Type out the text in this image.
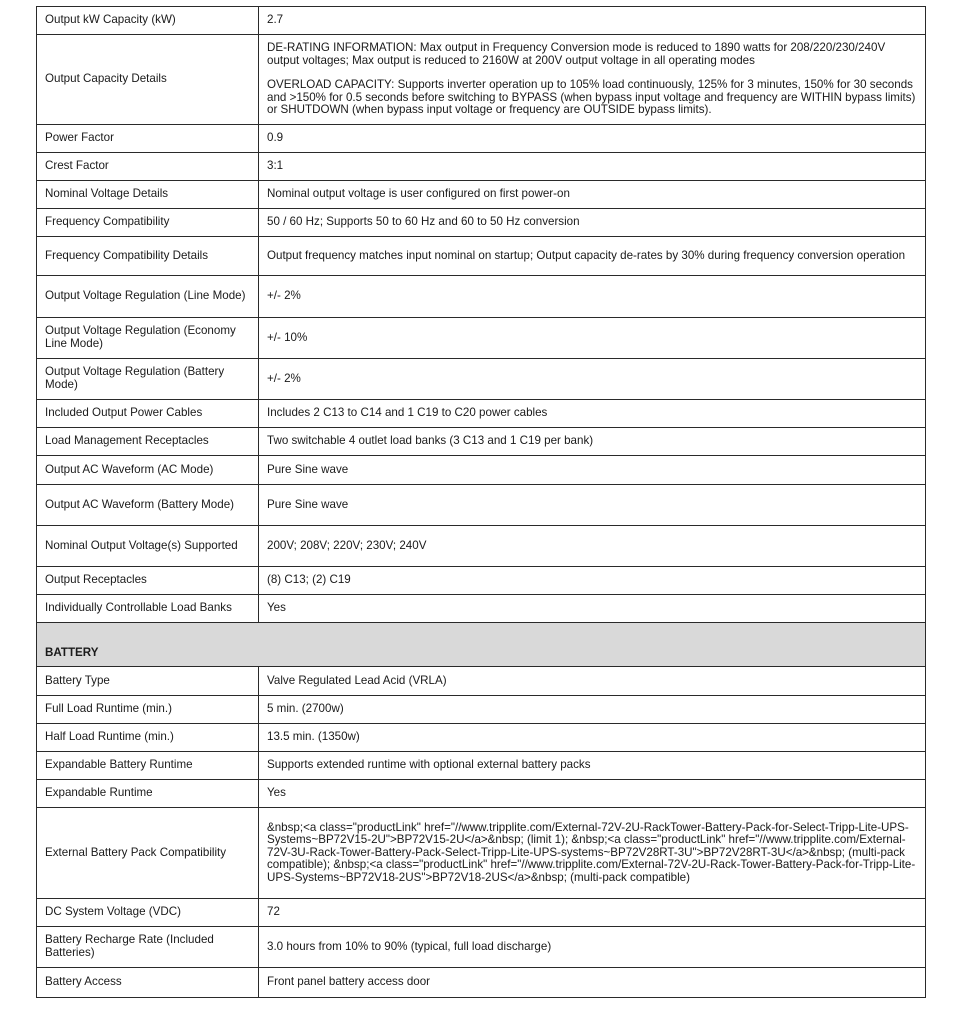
Output kW Capacity (kW)	2.7
Output Capacity Details	DE-RATING INFORMATION: Max output in Frequency Conversion mode is reduced to 1890 watts for 208/220/230/240V output voltages; Max output is reduced to 2160W at 200V output voltage in all operating modes

OVERLOAD CAPACITY: Supports inverter operation up to 105% load continuously, 125% for 3 minutes, 150% for 30 seconds and >150% for 0.5 seconds before switching to BYPASS (when bypass input voltage and frequency are WITHIN bypass limits) or SHUTDOWN (when bypass input voltage or frequency are OUTSIDE bypass limits).

Power Factor	0.9
Crest Factor	3:1
Nominal Voltage Details	Nominal output voltage is user configured on first power-on
Frequency Compatibility	50 / 60 Hz; Supports 50 to 60 Hz and 60 to 50 Hz conversion
Frequency Compatibility Details	Output frequency matches input nominal on startup; Output capacity de-rates by 30% during frequency conversion operation
Output Voltage Regulation (Line Mode)	+/- 2%
Output Voltage Regulation (Economy Line Mode)	+/- 10%
Output Voltage Regulation (Battery Mode)	+/- 2%
Included Output Power Cables	Includes 2 C13 to C14 and 1 C19 to C20 power cables
Load Management Receptacles	Two switchable 4 outlet load banks (3 C13 and 1 C19 per bank)
Output AC Waveform (AC Mode)	Pure Sine wave
Output AC Waveform (Battery Mode)	Pure Sine wave
Nominal Output Voltage(s) Supported	200V; 208V; 220V; 230V; 240V
Output Receptacles	(8) C13; (2) C19
Individually Controllable Load Banks	Yes
BATTERY	
Battery Type	Valve Regulated Lead Acid (VRLA)
Full Load Runtime (min.)	5 min. (2700w)
Half Load Runtime (min.)	13.5 min. (1350w)
Expandable Battery Runtime	Supports extended runtime with optional external battery packs
Expandable Runtime	Yes
External Battery Pack Compatibility	&nbsp;<a class="productLink" href="//www.tripplite.com/External-72V-2U-RackTower-Battery-Pack-for-Select-Tripp-Lite-UPS-Systems~BP72V15-2U">BP72V15-2U</a>&nbsp; (limit 1); &nbsp;<a class="productLink" href="//www.tripplite.com/External-72V-3U-Rack-Tower-Battery-Pack-Select-Tripp-Lite-UPS-systems~BP72V28RT-3U">BP72V28RT-3U</a>&nbsp; (multi-pack compatible); &nbsp;<a class="productLink" href="//www.tripplite.com/External-72V-2U-Rack-Tower-Battery-Pack-for-Tripp-Lite-UPS-Systems~BP72V18-2US">BP72V18-2US</a>&nbsp; (multi-pack compatible)
DC System Voltage (VDC)	72
Battery Recharge Rate (Included Batteries)	3.0 hours from 10% to 90% (typical, full load discharge)
Battery Access	Front panel battery access door
